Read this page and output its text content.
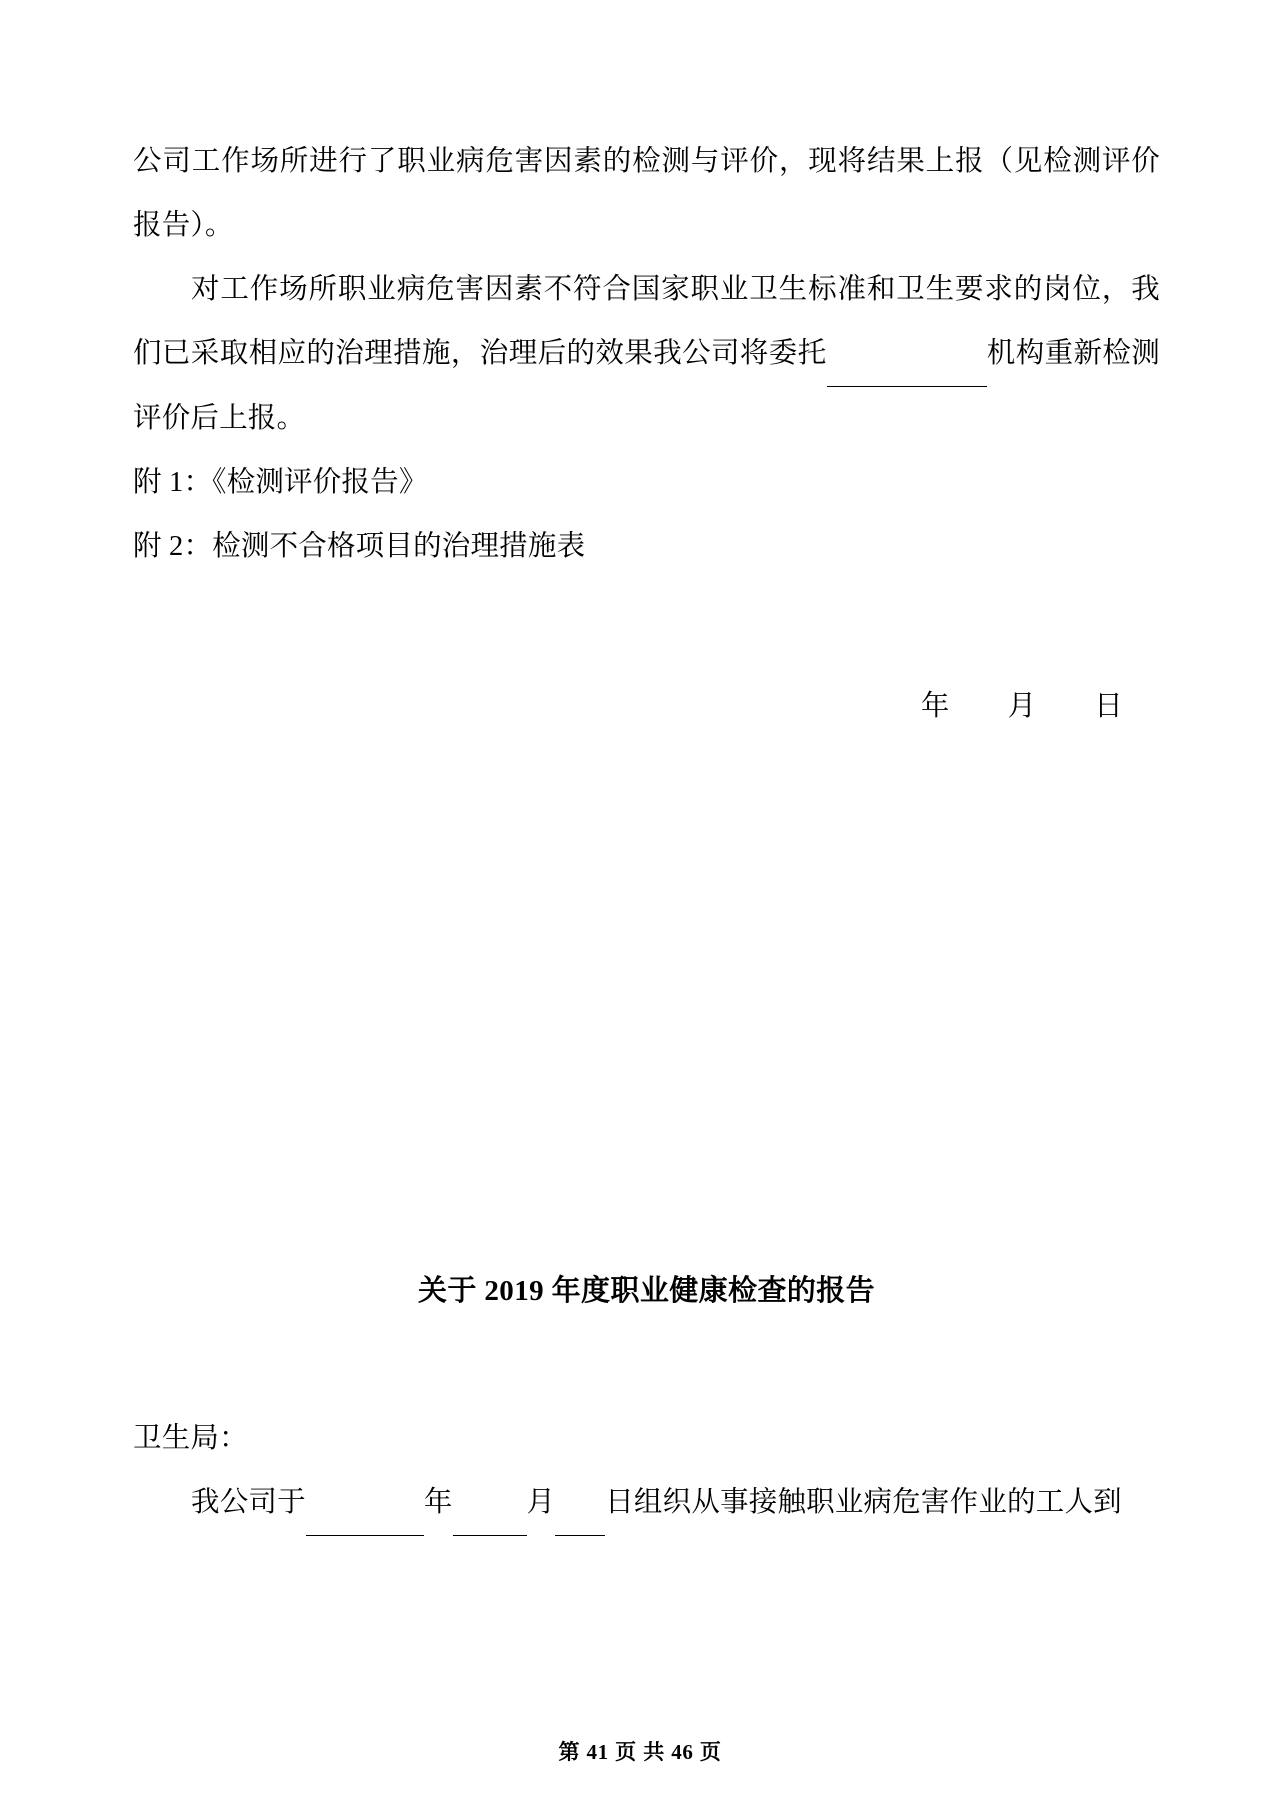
公司工作场所进行了职业病危害因素的检测与评价，现将结果上报（见检测评价报告）。

对工作场所职业病危害因素不符合国家职业卫生标准和卫生要求的岗位，我们已采取相应的治理措施，治理后的效果我公司将委托	机构重新检测评价后上报。

附 1：《检测评价报告》

附 2：检测不合格项目的治理措施表

年 月 日

关于 2019 年度职业健康检查的报告

卫生局：

我公司于	年	月 日组织从事接触职业病危害作业的工人到

第 41 页 共 46 页
